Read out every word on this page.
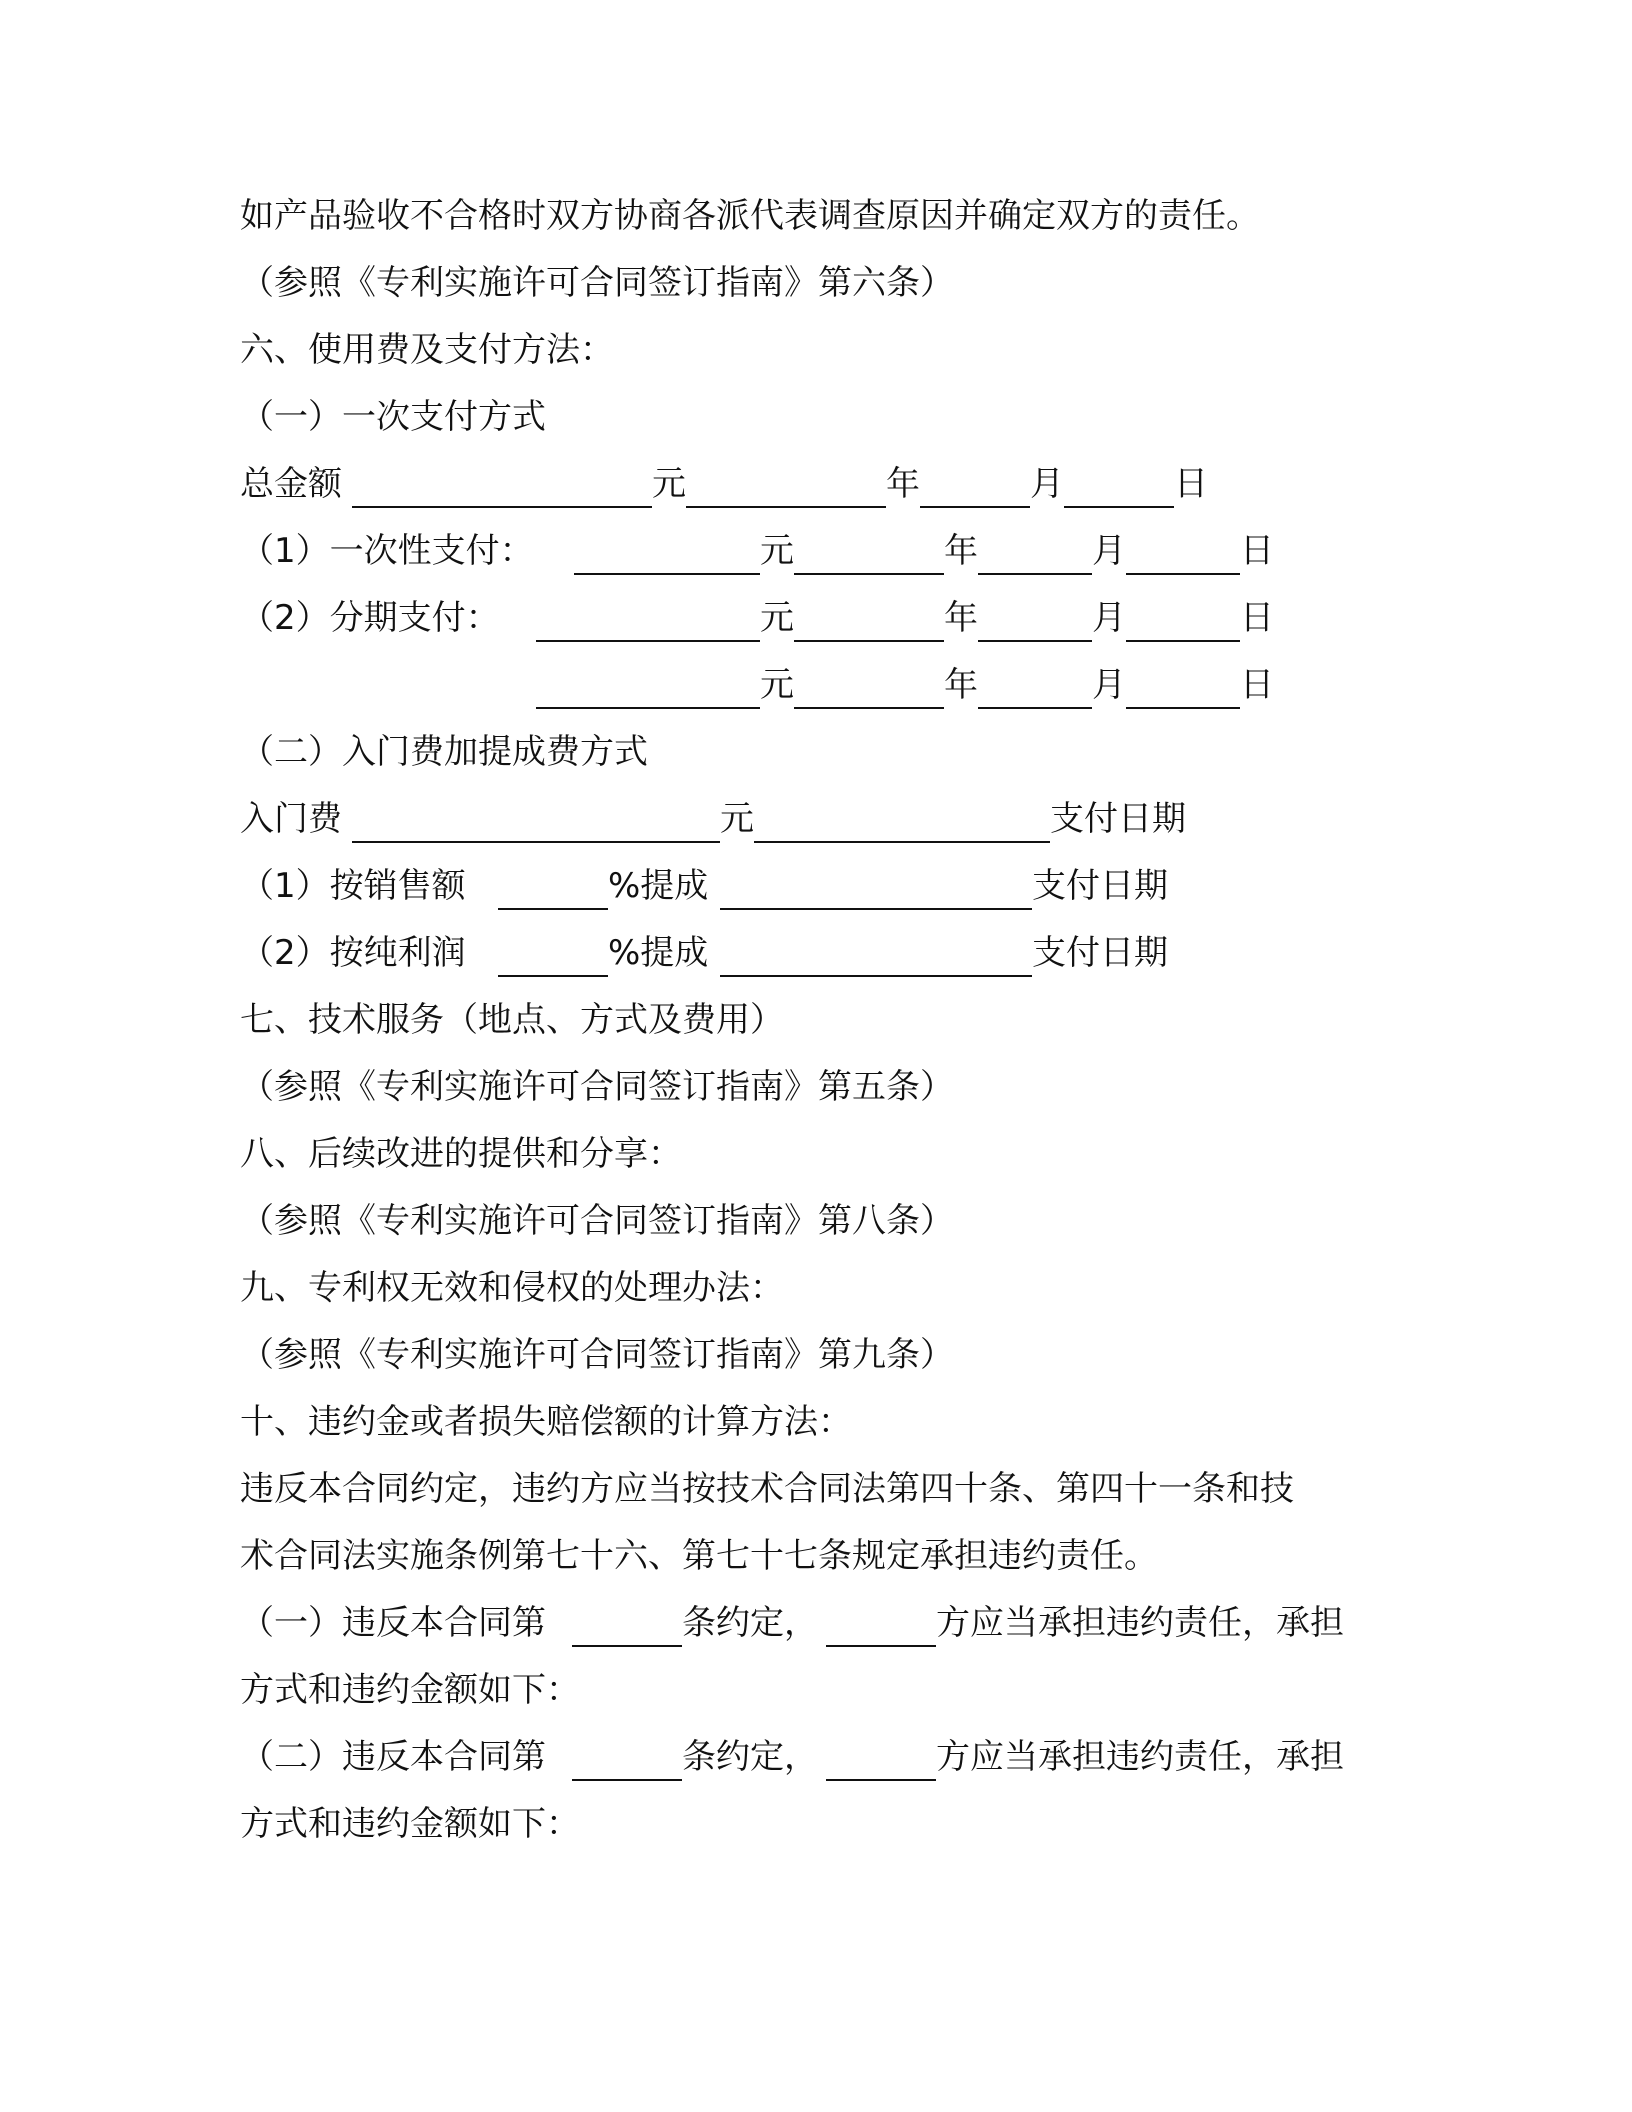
如产品验收不合格时双方协商各派代表调查原因并确定双方的责任。
（参照《专利实施许可合同签订指南》第六条）
六、使用费及支付方法：
（一）一次支付方式
总金额	元	年	月	日
（1）一次性支付：	元	年	月	日
（2）分期支付：	元	年	月	日
元	年	月	日
（二）入门费加提成费方式
入门费	元	支付日期
（1）按销售额	%提成	支付日期
（2）按纯利润	%提成	支付日期
七、技术服务（地点、方式及费用）
（参照《专利实施许可合同签订指南》第五条）
八、后续改进的提供和分享：
（参照《专利实施许可合同签订指南》第八条）
九、专利权无效和侵权的处理办法：
（参照《专利实施许可合同签订指南》第九条）
十、违约金或者损失赔偿额的计算方法：
违反本合同约定，违约方应当按技术合同法第四十条、第四十一条和技
术合同法实施条例第七十六、第七十七条规定承担违约责任。
（一）违反本合同第	条约定，	方应当承担违约责任，承担
方式和违约金额如下：
（二）违反本合同第	条约定，	方应当承担违约责任，承担
方式和违约金额如下：
